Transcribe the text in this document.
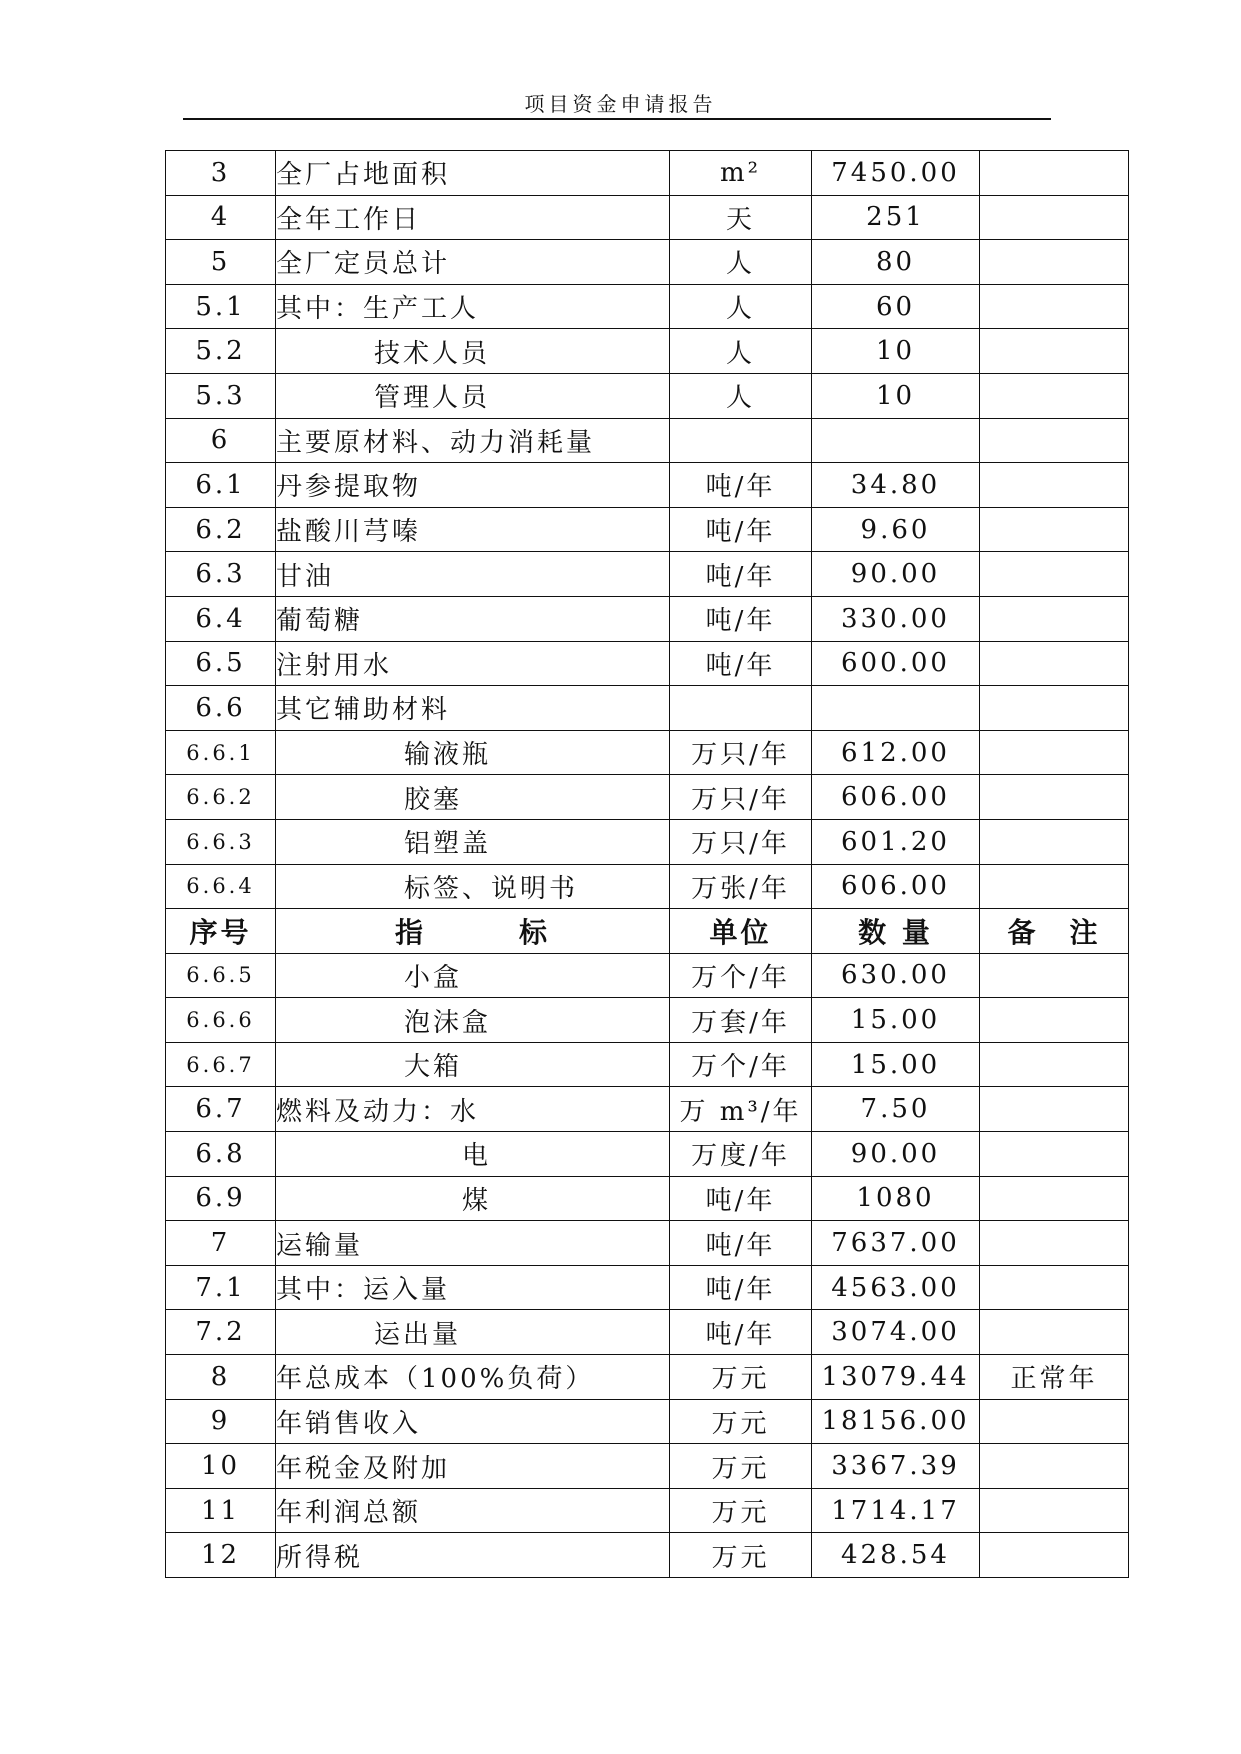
项目资金申请报告
3	全厂占地面积	m²	7450.00	
4	全年工作日	天	251	
5	全厂定员总计	人	80	
5.1	其中：生产工人	人	60	
5.2	技术人员	人	10	
5.3	管理人员	人	10	
6	主要原材料、动力消耗量			
6.1	丹参提取物	吨/年	34.80	
6.2	盐酸川芎嗪	吨/年	9.60	
6.3	甘油	吨/年	90.00	
6.4	葡萄糖	吨/年	330.00	
6.5	注射用水	吨/年	600.00	
6.6	其它辅助材料			
6.6.1	输液瓶	万只/年	612.00	
6.6.2	胶塞	万只/年	606.00	
6.6.3	铝塑盖	万只/年	601.20	
6.6.4	标签、说明书	万张/年	606.00	
序号	指　　　标	单位	数 量	备　注
6.6.5	小盒	万个/年	630.00	
6.6.6	泡沫盒	万套/年	15.00	
6.6.7	大箱	万个/年	15.00	
6.7	燃料及动力：水	万 m³/年	7.50	
6.8	电	万度/年	90.00	
6.9	煤	吨/年	1080	
7	运输量	吨/年	7637.00	
7.1	其中：运入量	吨/年	4563.00	
7.2	运出量	吨/年	3074.00	
8	年总成本（100%负荷）	万元	13079.44	正常年
9	年销售收入	万元	18156.00	
10	年税金及附加	万元	3367.39	
11	年利润总额	万元	1714.17	
12	所得税	万元	428.54	
